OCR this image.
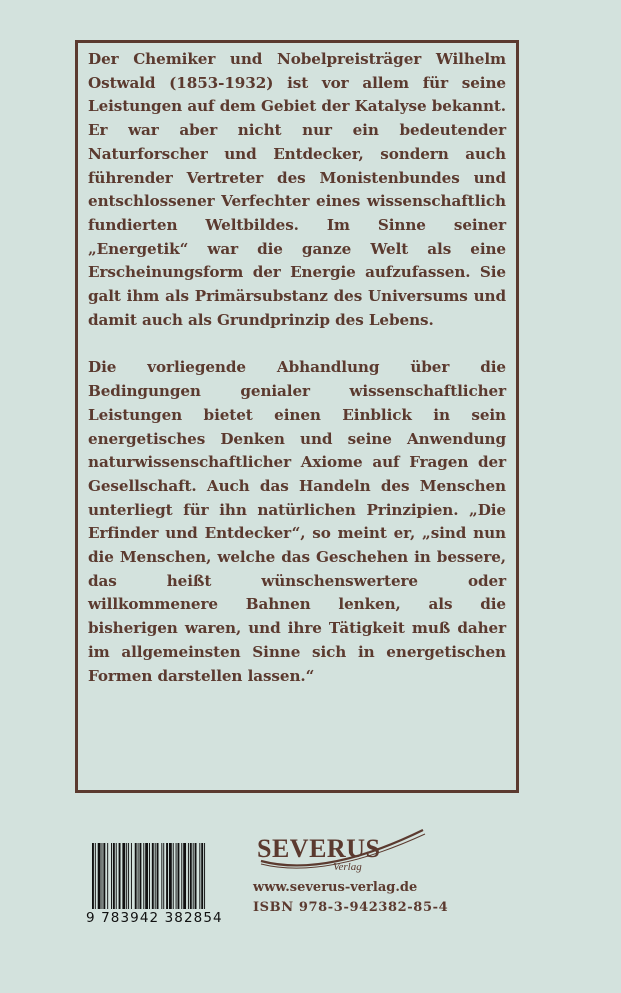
Der Chemiker und Nobelpreisträger Wilhelm Ostwald (1853-1932) ist vor allem für seine Leistungen auf dem Gebiet der Katalyse bekannt. Er war aber nicht nur ein bedeutender Naturforscher und Entdecker, sondern auch führender Vertreter des Monistenbundes und entschlossener Verfechter eines wissenschaftlich fundierten Weltbildes. Im Sinne seiner „Energetik“ war die ganze Welt als eine Erscheinungsform der Energie aufzufassen. Sie galt ihm als Primärsubstanz des Universums und damit auch als Grundprinzip des Lebens.

Die vorliegende Abhandlung über die Bedingungen genialer wissenschaftlicher Leistungen bietet einen Einblick in sein energetisches Denken und seine Anwendung naturwissenschaftlicher Axiome auf Fragen der Gesellschaft. Auch das Handeln des Menschen unterliegt für ihn natürlichen Prinzipien. „Die Erfinder und Entdecker“, so meint er, „sind nun die Menschen, welche das Geschehen in bessere, das heißt wünschenswertere oder willkommenere Bahnen lenken, als die bisherigen waren, und ihre Tätigkeit muß daher im allgemeinsten Sinne sich in energetischen Formen darstellen lassen.“

9 783942 382854
SEVERUS
Verlag
www.severus-verlag.de
ISBN 978-3-942382-85-4
